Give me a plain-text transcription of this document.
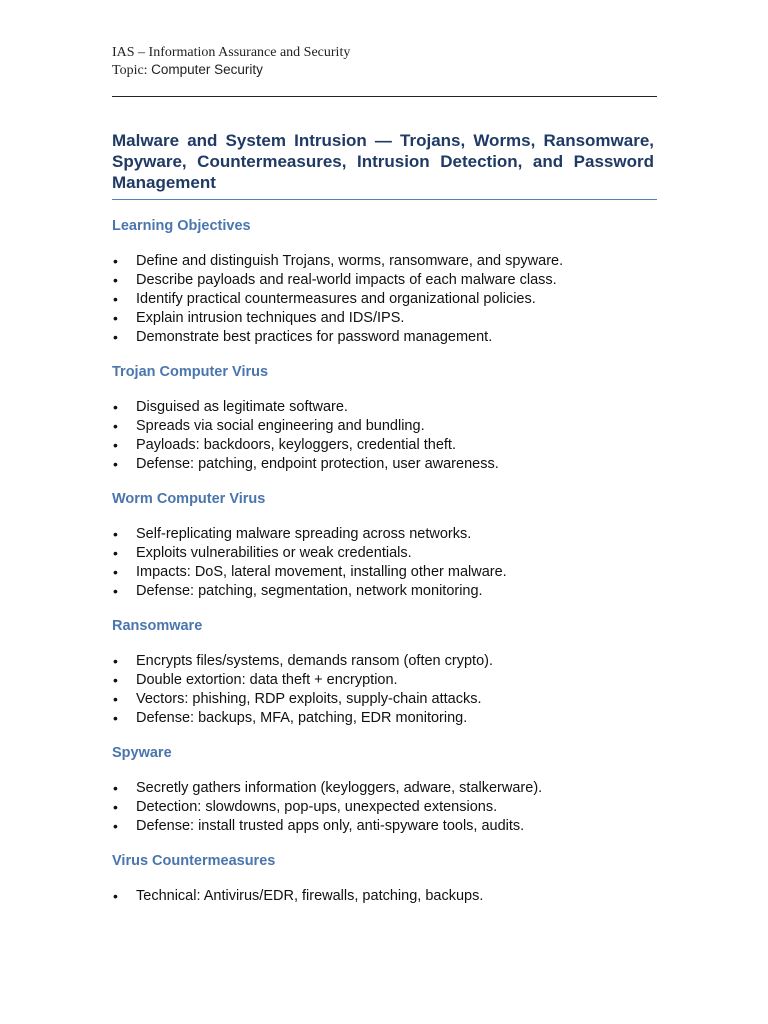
IAS – Information Assurance and Security

Topic: Computer Security

Malware and System Intrusion — Trojans, Worms, Ransomware, Spyware, Countermeasures, Intrusion Detection, and Password Management
Learning Objectives
• Define and distinguish Trojans, worms, ransomware, and spyware.
• Describe payloads and real-world impacts of each malware class.
• Identify practical countermeasures and organizational policies.
• Explain intrusion techniques and IDS/IPS.
• Demonstrate best practices for password management.
Trojan Computer Virus
• Disguised as legitimate software.
• Spreads via social engineering and bundling.
• Payloads: backdoors, keyloggers, credential theft.
• Defense: patching, endpoint protection, user awareness.
Worm Computer Virus
• Self-replicating malware spreading across networks.
• Exploits vulnerabilities or weak credentials.
• Impacts: DoS, lateral movement, installing other malware.
• Defense: patching, segmentation, network monitoring.
Ransomware
• Encrypts files/systems, demands ransom (often crypto).
• Double extortion: data theft + encryption.
• Vectors: phishing, RDP exploits, supply-chain attacks.
• Defense: backups, MFA, patching, EDR monitoring.
Spyware
• Secretly gathers information (keyloggers, adware, stalkerware).
• Detection: slowdowns, pop-ups, unexpected extensions.
• Defense: install trusted apps only, anti-spyware tools, audits.
Virus Countermeasures
• Technical: Antivirus/EDR, firewalls, patching, backups.
